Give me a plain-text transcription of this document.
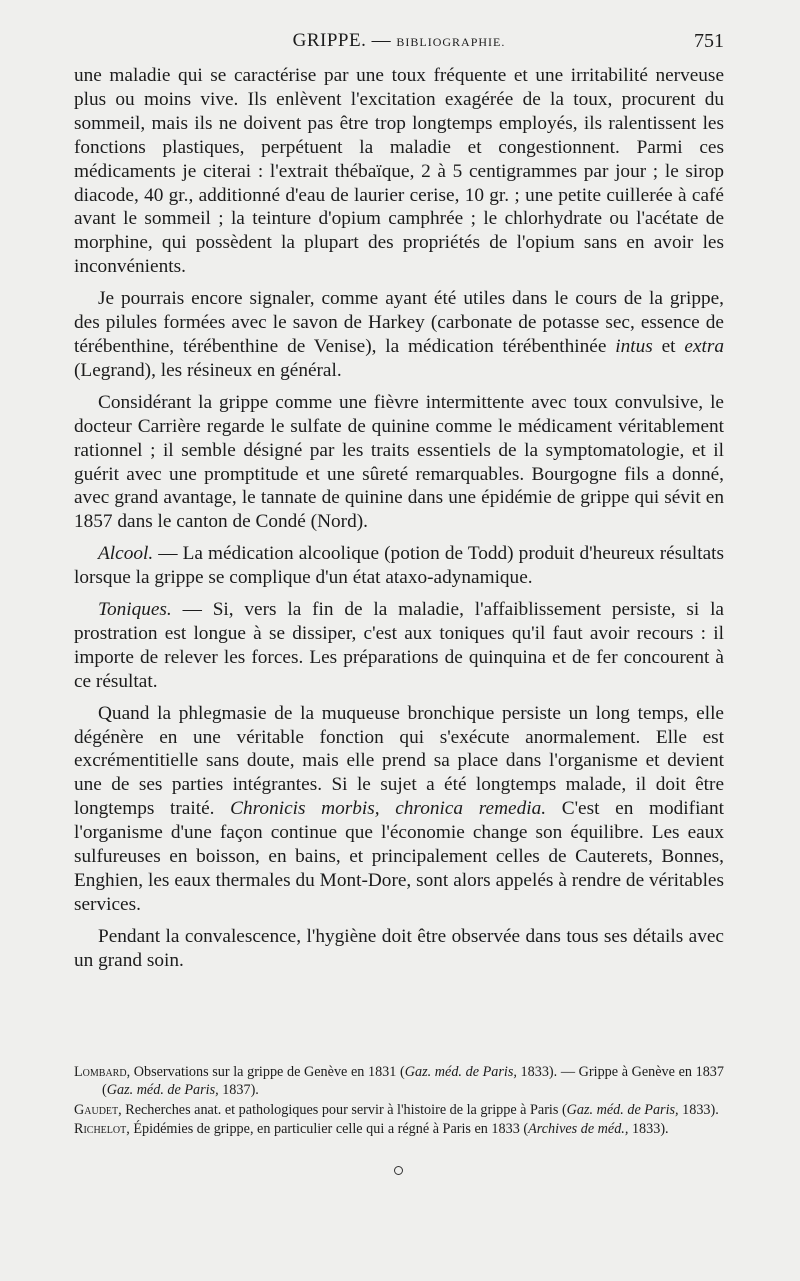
GRIPPE. — BIBLIOGRAPHIE.	751

une maladie qui se caractérise par une toux fréquente et une irritabilité nerveuse plus ou moins vive. Ils enlèvent l'excitation exagérée de la toux, procurent du sommeil, mais ils ne doivent pas être trop longtemps employés, ils ralentissent les fonctions plastiques, perpétuent la maladie et congestionnent. Parmi ces médicaments je citerai : l'extrait thébaïque, 2 à 5 centigrammes par jour ; le sirop diacode, 40 gr., additionné d'eau de laurier cerise, 10 gr. ; une petite cuillerée à café avant le sommeil ; la teinture d'opium camphrée ; le chlorhydrate ou l'acétate de morphine, qui possèdent la plupart des propriétés de l'opium sans en avoir les inconvénients.

Je pourrais encore signaler, comme ayant été utiles dans le cours de la grippe, des pilules formées avec le savon de Harkey (carbonate de potasse sec, essence de térébenthine, térébenthine de Venise), la médication térébenthinée intus et extra (Legrand), les résineux en général.

Considérant la grippe comme une fièvre intermittente avec toux convulsive, le docteur Carrière regarde le sulfate de quinine comme le médicament véritablement rationnel ; il semble désigné par les traits essentiels de la symptomatologie, et il guérit avec une promptitude et une sûreté remarquables. Bourgogne fils a donné, avec grand avantage, le tannate de quinine dans une épidémie de grippe qui sévit en 1857 dans le canton de Condé (Nord).

Alcool. — La médication alcoolique (potion de Todd) produit d'heureux résultats lorsque la grippe se complique d'un état ataxo-adynamique.

Toniques. — Si, vers la fin de la maladie, l'affaiblissement persiste, si la prostration est longue à se dissiper, c'est aux toniques qu'il faut avoir recours : il importe de relever les forces. Les préparations de quinquina et de fer concourent à ce résultat.

Quand la phlegmasie de la muqueuse bronchique persiste un long temps, elle dégénère en une véritable fonction qui s'exécute anormalement. Elle est excrémentitielle sans doute, mais elle prend sa place dans l'organisme et devient une de ses parties intégrantes. Si le sujet a été longtemps malade, il doit être longtemps traité. Chronicis morbis, chronica remedia. C'est en modifiant l'organisme d'une façon continue que l'économie change son équilibre. Les eaux sulfureuses en boisson, en bains, et principalement celles de Cauterets, Bonnes, Enghien, les eaux thermales du Mont-Dore, sont alors appelés à rendre de véritables services.

Pendant la convalescence, l'hygiène doit être observée dans tous ses détails avec un grand soin.

Lombard, Observations sur la grippe de Genève en 1831 (Gaz. méd. de Paris, 1833). — Grippe à Genève en 1837 (Gaz. méd. de Paris, 1837).

Gaudet, Recherches anat. et pathologiques pour servir à l'histoire de la grippe à Paris (Gaz. méd. de Paris, 1833).

Richelot, Épidémies de grippe, en particulier celle qui a régné à Paris en 1833 (Archives de méd., 1833).
